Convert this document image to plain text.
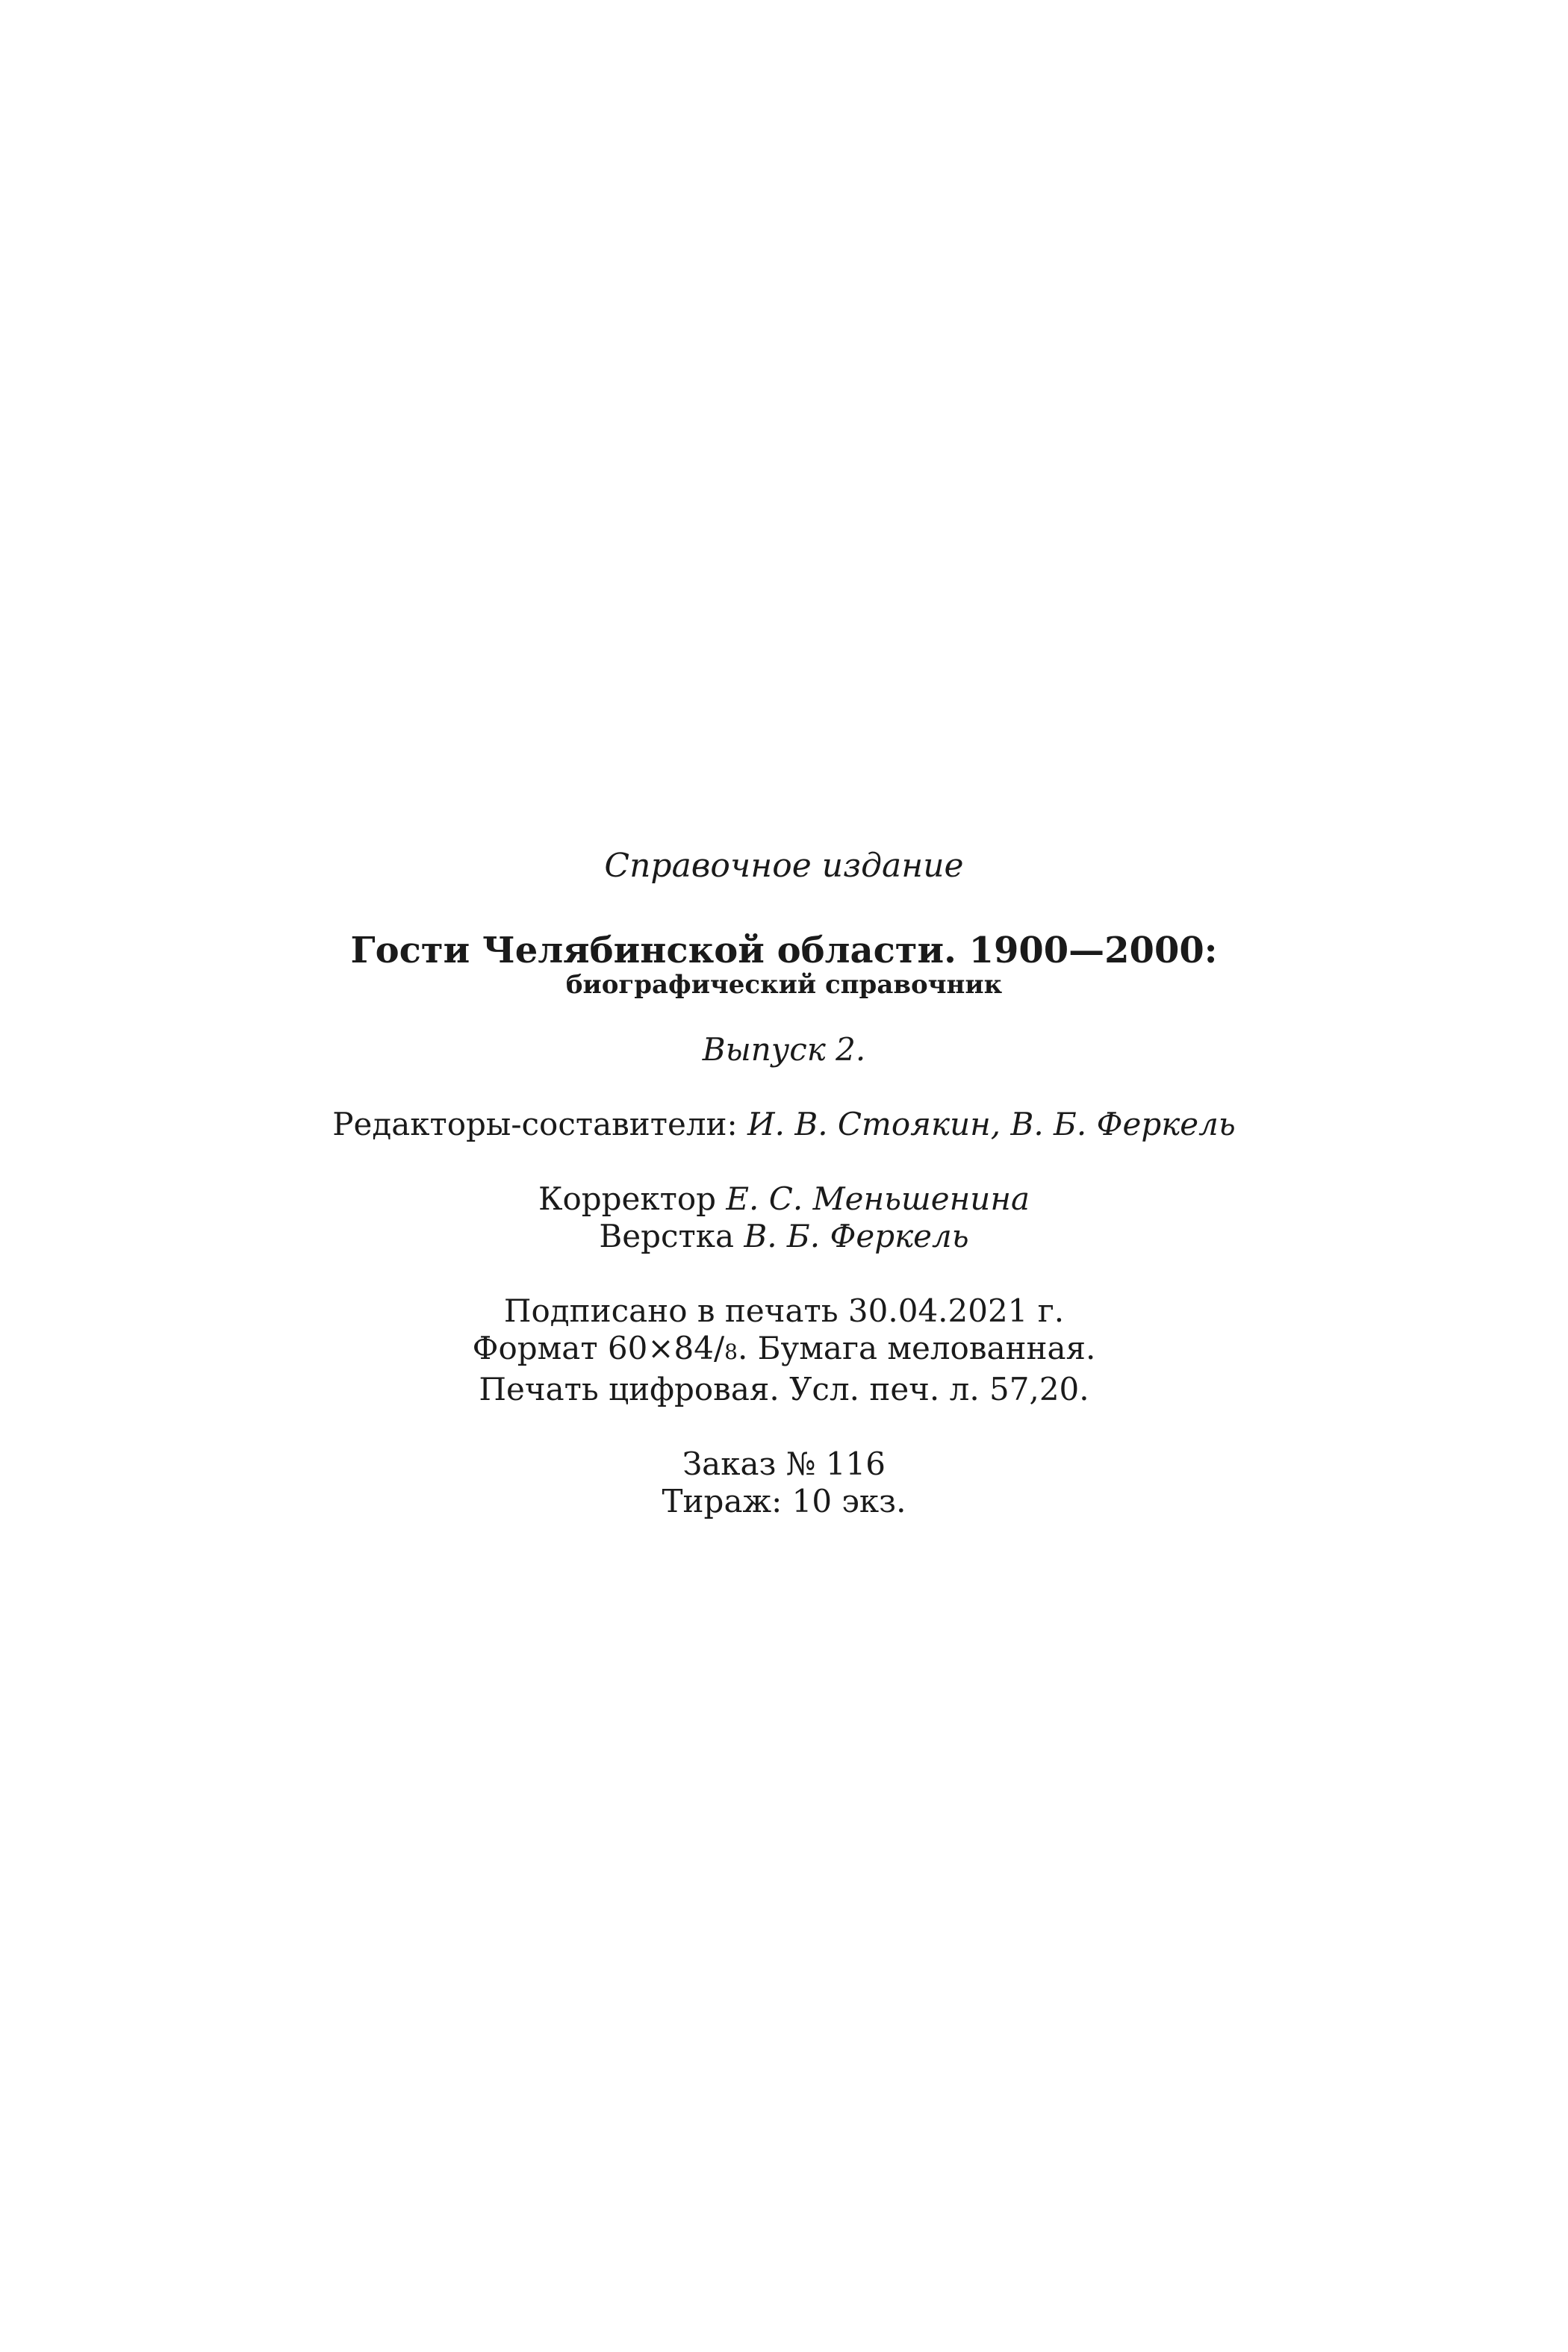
Справочное издание
Гости Челябинской области. 1900—2000:
биографический справочник
Выпуск 2.
Редакторы-составители: И. В. Стоякин, В. Б. Феркель
Корректор Е. С. Меньшенина
Верстка В. Б. Феркель
Подписано в печать 30.04.2021 г.
Формат 60×84/8. Бумага мелованная.
Печать цифровая. Усл. печ. л. 57,20.
Заказ № 116
Тираж: 10 экз.
